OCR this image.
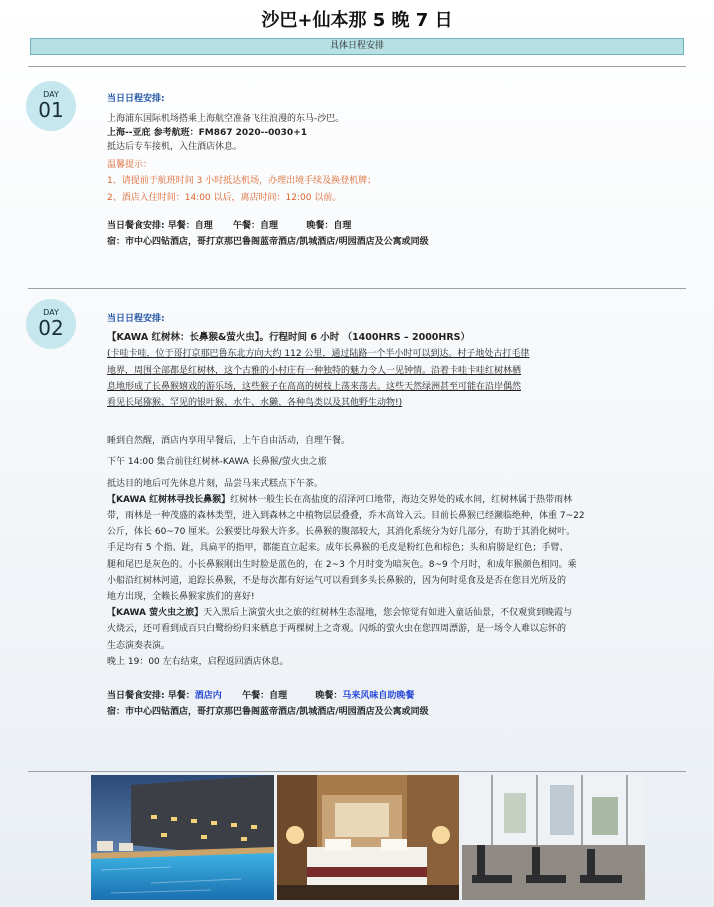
沙巴+仙本那 5 晚 7 日
具体日程安排
DAY
01	当日日程安排:
上海浦东国际机场搭乘上海航空准备飞往浪漫的东马-沙巴。
上海--亚庇 参考航班：FM867 2020--0030+1
抵达后专车接机，入住酒店休息。
温馨提示：
1、请提前于航班时间 3 小时抵达机场，办理出境手续及换登机牌；
2、酒店入住时间：14:00 以后，离店时间：12:00 以前。
当日餐食安排: 早餐：自理 午餐：自理	晚餐：自理
宿：市中心四钻酒店，哥打京那巴鲁阁蓝帝酒店/凯城酒店/明园酒店及公寓或同级
DAY
02	当日日程安排:
【KAWA 红树林：长鼻猴&萤火虫】。行程时间 6 小时 （1400HRS – 2000HRS）
(卡哇卡哇，位于哥打京那巴鲁东北方向大约 112 公里，通过陆路一个半小时可以到达。村子地处古打毛律
地界，周围全部都是红树林，这个古雅的小村庄有一种独特的魅力令人一见钟情。沿着卡哇卡哇红树林栖
息地形成了长鼻猴嬉戏的游乐场，这些猴子在高高的树枝上荡来荡去。这些天然绿洲甚至可能在沿岸偶然
看见长尾猕猴、罕见的银叶猴、水牛、水獭、各种鸟类以及其他野生动物!)
睡到自然醒，酒店内享用早餐后，上午自由活动，自理午餐。
下午 14:00 集合前往红树林-KAWA 长鼻猴/萤火虫之旅
抵达目的地后可先休息片刻，品尝马来式糕点下午茶。
【KAWA 红树林寻找长鼻猴】红树林一般生长在高盐度的沼泽河口地带，海边交界处的咸水间，红树林属于热带雨林
带，雨林是一种茂盛的森林类型，进入到森林之中植物层层叠叠，乔木高耸入云。目前长鼻猴已经濒临绝种，体重 7~22
公斤，体长 60~70 厘米。公猴要比母猴大许多。长鼻猴的腹部较大，其消化系统分为好几部分，有助于其消化树叶。
手足均有 5 个指、趾，具扁平的指甲，都能直立起来。成年长鼻猴的毛皮是粉红色和棕色；头和肩膀是红色；手臂、
腿和尾巴是灰色的。小长鼻猴刚出生时脸是蓝色的，在 2~3 个月时变为暗灰色。8~9 个月时，和成年猴颜色相同。乘
小船沿红树林河道，追踪长鼻猴，不是每次都有好运气可以看到多头长鼻猴的，因为何时觅食及是否在您目光所及的
地方出现，全赖长鼻猴家族们的喜好!
【KAWA 萤火虫之旅】天入黑后上演萤火虫之旅的红树林生态湿地，您会惊觉有如进入童话仙景，不仅观赏到晚霞与
火烧云，还可看到成百只白鹭纷纷归来栖息于两棵树上之奇观。闪烁的萤火虫在您四周漂游，是一场令人难以忘怀的
生态演奏表演。
晚上 19：00 左右结束，启程返回酒店休息。
当日餐食安排: 早餐：酒店内 午餐：自理	晚餐：马来风味自助晚餐
宿：市中心四钻酒店，哥打京那巴鲁阁蓝帝酒店/凯城酒店/明园酒店及公寓或同级
